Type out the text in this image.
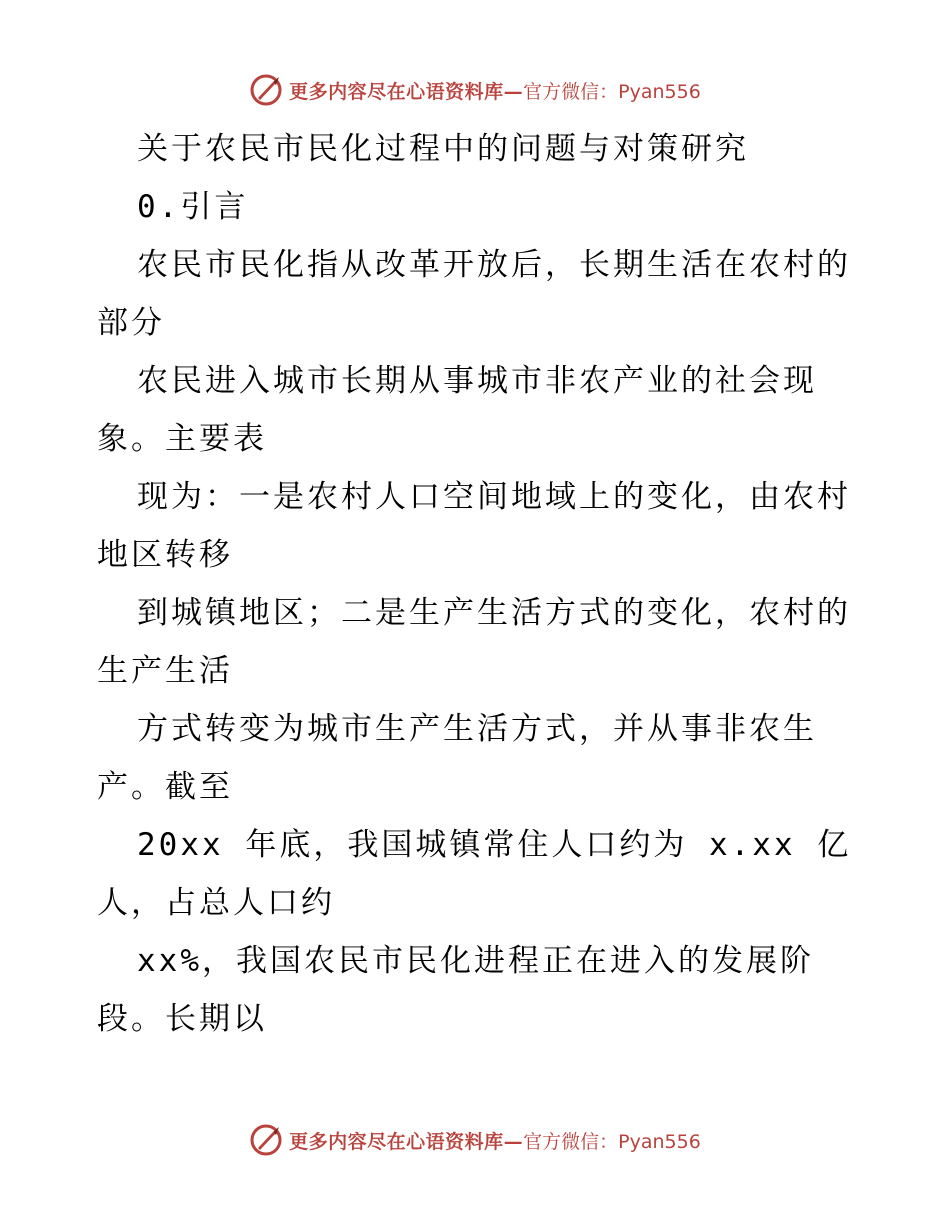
更多内容尽在心语资料库— 官方微信：Pyan556

关于农民市民化过程中的问题与对策研究

0.引言

农民市民化指从改革开放后，长期生活在农村的

部分

农民进入城市长期从事城市非农产业的社会现

象。主要表

现为：一是农村人口空间地域上的变化，由农村

地区转移

到城镇地区；二是生产生活方式的变化，农村的

生产生活

方式转变为城市生产生活方式，并从事非农生

产。截至

20xx 年底，我国城镇常住人口约为 x.xx 亿

人，占总人口约

xx%，我国农民市民化进程正在进入的发展阶

段。长期以

更多内容尽在心语资料库— 官方微信：Pyan556
